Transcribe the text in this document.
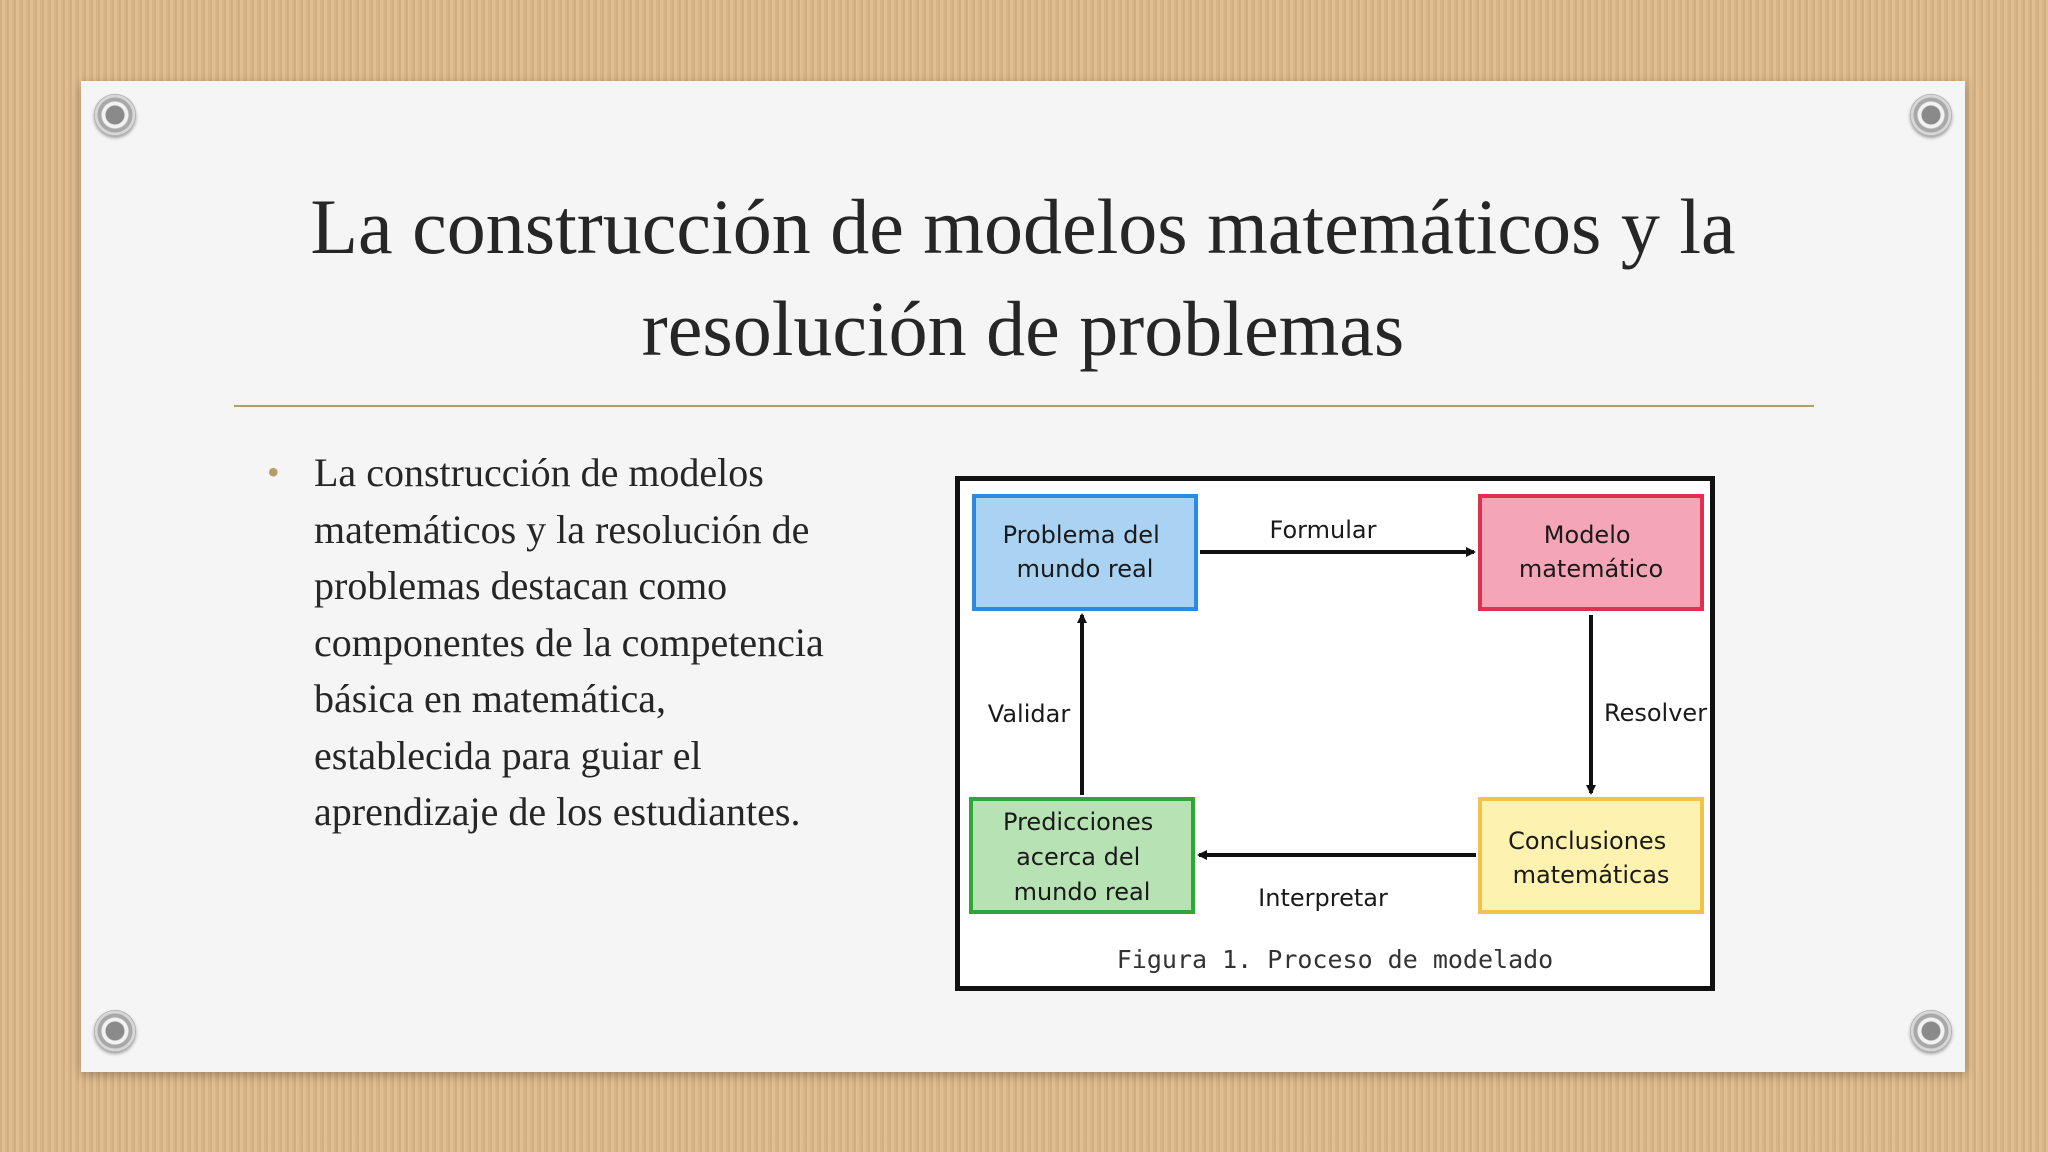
La construcción de modelos matemáticos y la
resolución de problemas
• La construcción de modelos matemáticos y la resolución de problemas destacan como componentes de la competencia básica en matemática, establecida para guiar el aprendizaje de los estudiantes.
Problema del mundo real
Modelo matemático
Predicciones acerca del mundo real
Conclusiones matemáticas
Formular
Resolver
Interpretar
Validar
Figura 1. Proceso de modelado
